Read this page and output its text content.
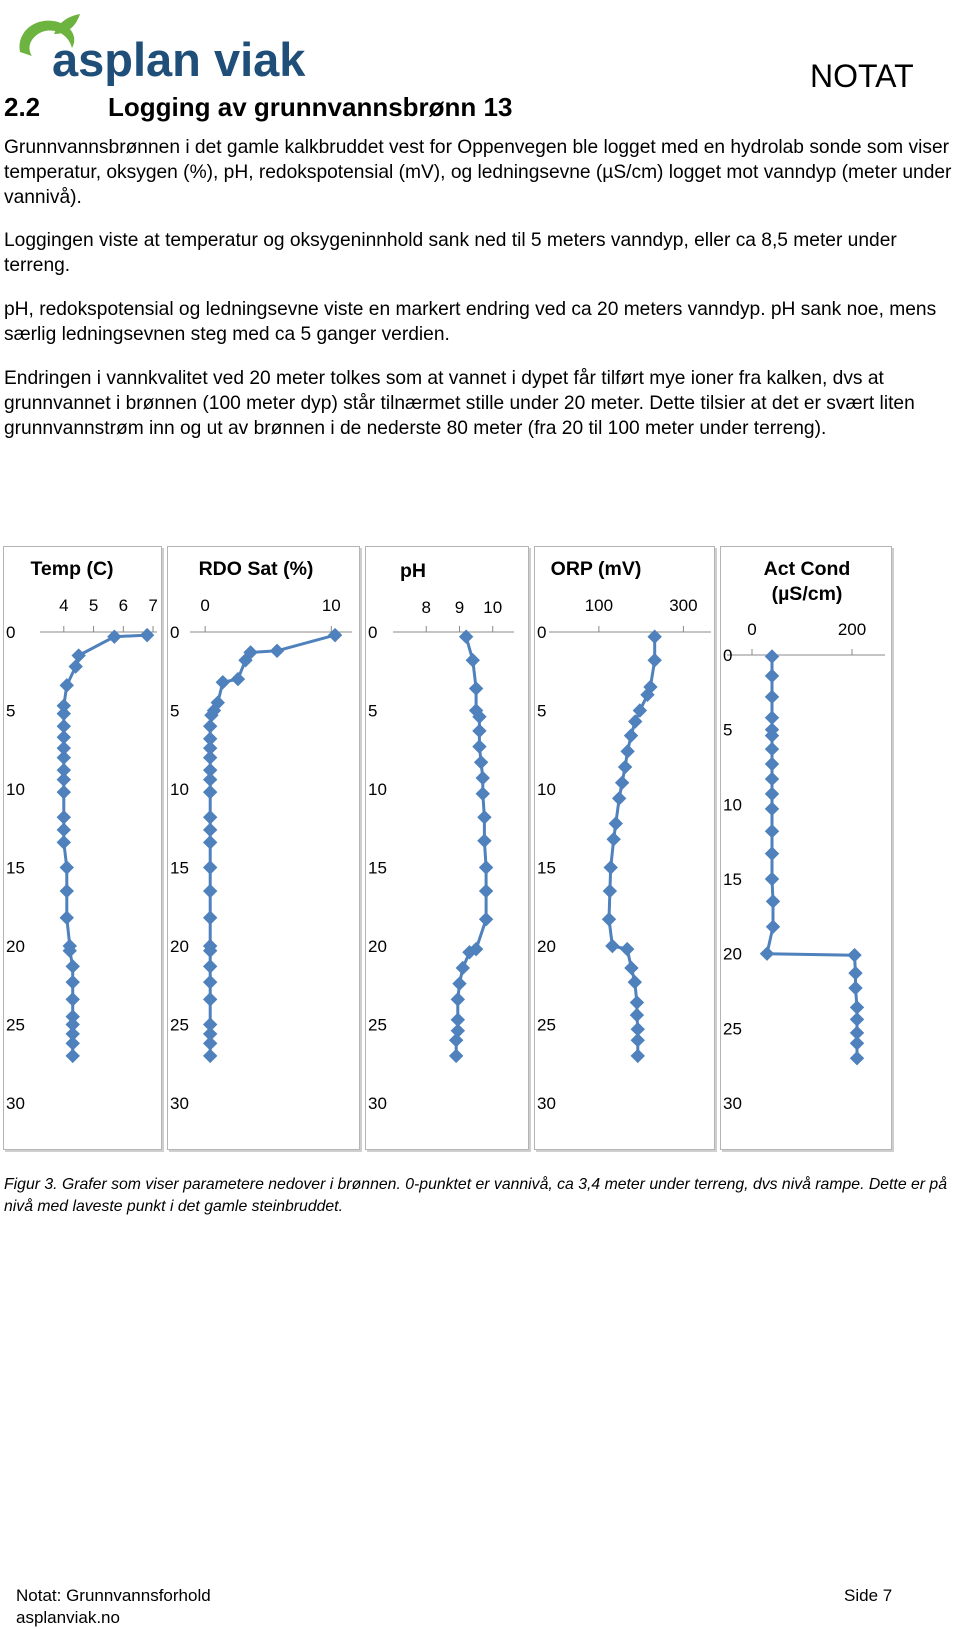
asplan viak	NOTAT
2.2	Logging av grunnvannsbrønn 13

Grunnvannsbrønnen i det gamle kalkbruddet vest for Oppenvegen ble logget med en hydrolab sonde som viser temperatur, oksygen (%), pH, redokspotensial (mV), og ledningsevne (µS/cm) logget mot vanndyp (meter under vannivå).

Loggingen viste at temperatur og oksygeninnhold sank ned til 5 meters vanndyp, eller ca 8,5 meter under terreng.

pH, redokspotensial og ledningsevne viste en markert endring ved ca 20 meters vanndyp. pH sank noe, mens særlig ledningsevnen steg med ca 5 ganger verdien.

Endringen i vannkvalitet ved 20 meter tolkes som at vannet i dypet får tilført mye ioner fra kalken, dvs at grunnvannet i brønnen (100 meter dyp) står tilnærmet stille under 20 meter. Dette tilsier at det er svært liten grunnvannstrøm inn og ut av brønnen i de nederste 80 meter (fra 20 til 100 meter under terreng).

Temp (C)
4 5 6 7
0
5
10
15
20
25
30
RDO Sat (%)
0	10
0
5
10
15
20
25
30
pH
8 9 10
0
5
10
15
20
25
30
ORP (mV)
100	300
0
5
10
15
20
25
30
Act Cond
(µS/cm)
0	200
0
5
10
15
20
25
30

Figur 3. Grafer som viser parametere nedover i brønnen. 0-punktet er vannivå, ca 3,4 meter under terreng, dvs nivå rampe. Dette er på nivå med laveste punkt i det gamle steinbruddet.

Notat: Grunnvannsforhold
asplanviak.no
Side 7
